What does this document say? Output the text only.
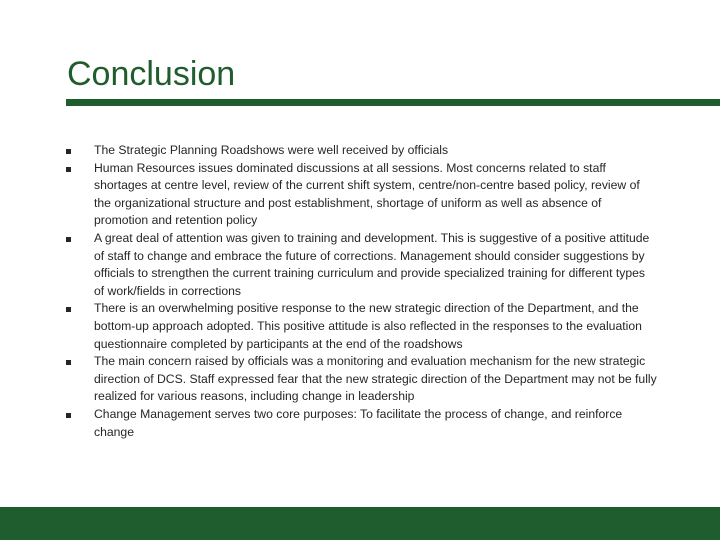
Conclusion
The Strategic Planning Roadshows were well received by officials
Human Resources issues dominated discussions at all sessions. Most concerns related to staff shortages at centre level, review of the current shift system, centre/non-centre based policy, review of the organizational structure and post establishment, shortage of uniform as well as absence of promotion and retention policy
A great deal of attention was given to training and development. This is suggestive of a positive attitude of staff to change and embrace the future of corrections. Management should consider suggestions by officials to strengthen the current training curriculum and provide specialized training for different types of work/fields in corrections
There is an overwhelming positive response to the new strategic direction of the Department, and the bottom-up approach adopted. This positive attitude is also reflected in the responses to the evaluation questionnaire completed by participants at the end of the roadshows
The main concern raised by officials was a monitoring and evaluation mechanism for the new strategic direction of DCS. Staff expressed fear that the new strategic direction of the Department may not be fully realized for various reasons, including change in leadership
Change Management serves two core purposes: To facilitate the process of change, and reinforce change
